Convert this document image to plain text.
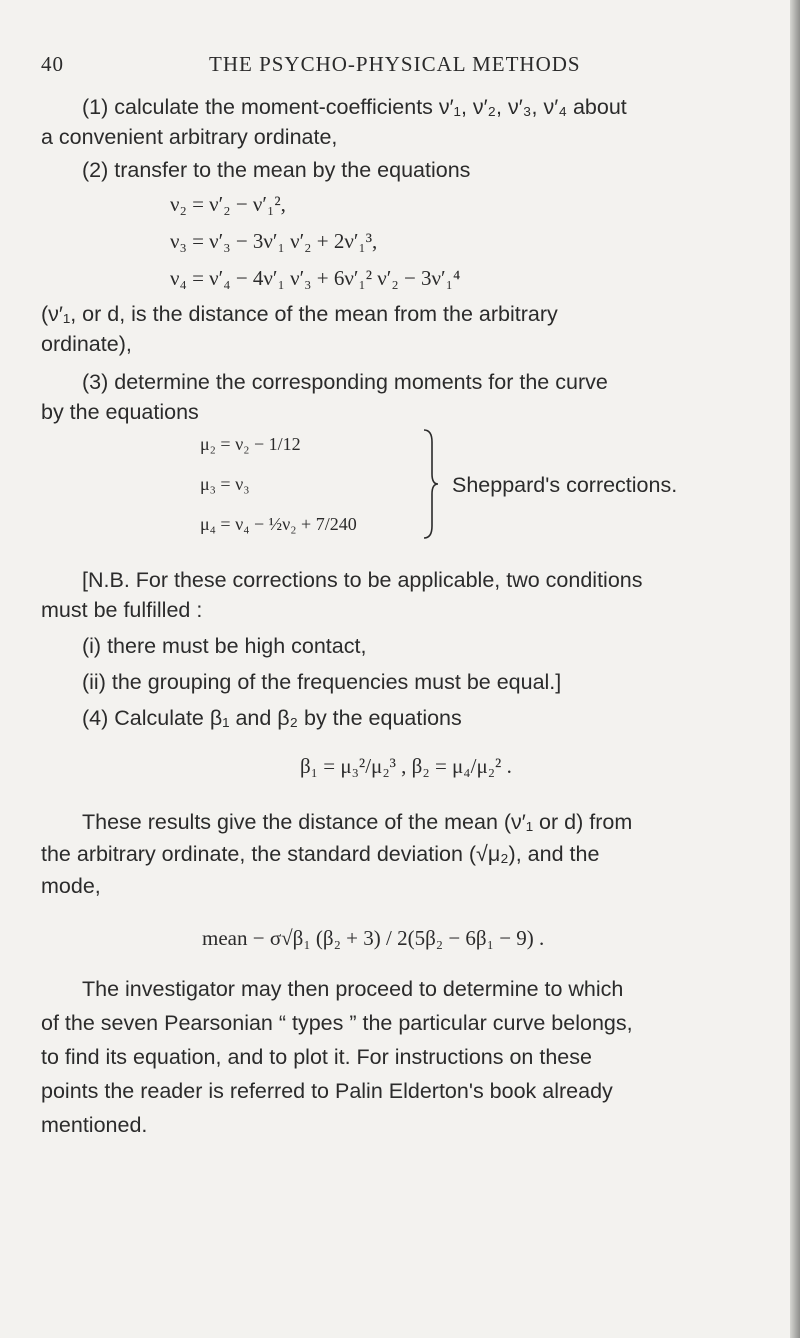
40	THE PSYCHO-PHYSICAL METHODS
(1) calculate the moment-coefficients ν′₁, ν′₂, ν′₃, ν′₄ about
a convenient arbitrary ordinate,
(2) transfer to the mean by the equations
ν₂ = ν′₂ − ν′₁²,
ν₃ = ν′₃ − 3ν′₁ ν′₂ + 2ν′₁³,
ν₄ = ν′₄ − 4ν′₁ ν′₃ + 6ν′₁² ν′₂ − 3ν′₁⁴
(ν′₁, or d, is the distance of the mean from the arbitrary
ordinate),
(3) determine the corresponding moments for the curve
by the equations
μ₂ = ν₂ − 1/12
μ₃ = ν₃
μ₄ = ν₄ − ½ν₂ + 7/240
Sheppard's corrections.
[N.B. For these corrections to be applicable, two conditions
must be fulfilled :
(i) there must be high contact,
(ii) the grouping of the frequencies must be equal.]
(4) Calculate β₁ and β₂ by the equations
β₁ = μ₃²/μ₂³ , β₂ = μ₄/μ₂² .
These results give the distance of the mean (ν′₁ or d) from
the arbitrary ordinate, the standard deviation (√μ₂), and the
mode,
mean − σ√β₁ (β₂ + 3) / 2(5β₂ − 6β₁ − 9) .
The investigator may then proceed to determine to which
of the seven Pearsonian “ types ” the particular curve belongs,
to find its equation, and to plot it. For instructions on these
points the reader is referred to Palin Elderton's book already
mentioned.
